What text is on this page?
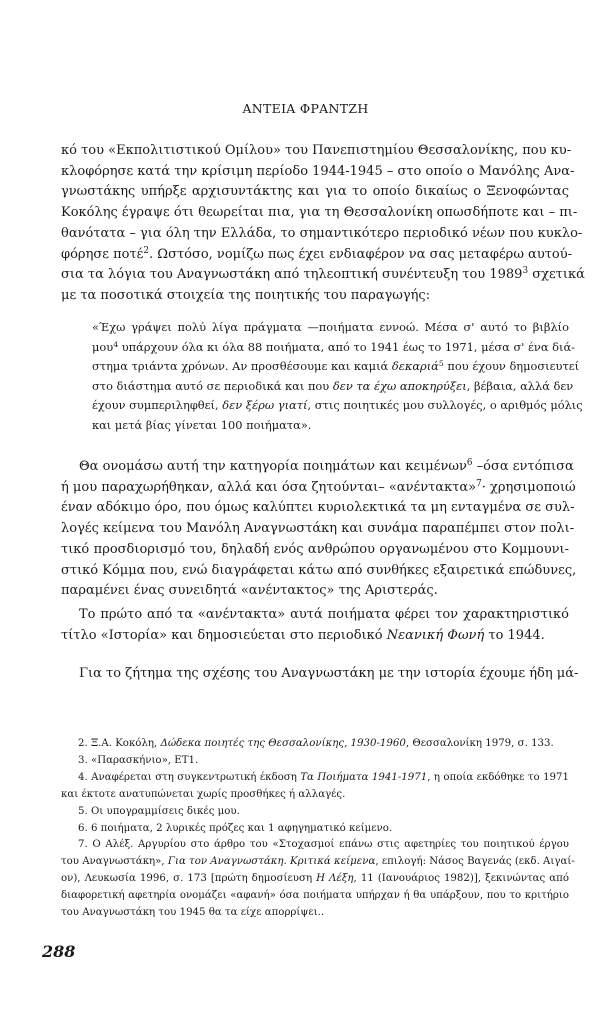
ΑΝΤΕΙΑ ΦΡΑΝΤΖΗ
κό του «Εκπολιτιστικού Ομίλου» του Πανεπιστημίου Θεσσαλονίκης, που κυ-
κλοφόρησε κατά την κρίσιμη περίοδο 1944-1945 – στο οποίο ο Μανόλης Ανα-
γνωστάκης υπήρξε αρχισυντάκτης και για το οποίο δικαίως ο Ξενοφώντας
Κοκόλης έγραψε ότι θεωρείται πια, για τη Θεσσαλονίκη οπωσδήποτε και – πι-
θανότατα – για όλη την Ελλάδα, το σημαντικότερο περιοδικό νέων που κυκλο-
φόρησε ποτέ$^2$. Ωστόσο, νομίζω πως έχει ενδιαφέρον να σας μεταφέρω αυτού-
σια τα λόγια του Αναγνωστάκη από τηλεοπτική συνέντευξη του 1989$^3$ σχετικά
με τα ποσοτικά στοιχεία της ποιητικής του παραγωγής:
«Έχω γράψει πολύ λίγα πράγματα —ποιήματα εννοώ. Μέσα σ' αυτό το βιβλίο
μου$^4$ υπάρχουν όλα κι όλα 88 ποιήματα, από το 1941 έως το 1971, μέσα σ' ένα διά-
στημα τριάντα χρόνων. Αν προσθέσουμε και καμιά δεκαριά$^5$ που έχουν δημοσιευτεί
στο διάστημα αυτό σε περιοδικά και που δεν τα έχω αποκηρύξει, βέβαια, αλλά δεν
έχουν συμπεριληφθεί, δεν ξέρω γιατί, στις ποιητικές μου συλλογές, ο αριθμός μόλις
και μετά βίας γίνεται 100 ποιήματα».
Θα ονομάσω αυτή την κατηγορία ποιημάτων και κειμένων$^6$ –όσα εντόπισα
ή μου παραχωρήθηκαν, αλλά και όσα ζητούνται– «ανέντακτα»$^7$· χρησιμοποιώ
έναν αδόκιμο όρο, που όμως καλύπτει κυριολεκτικά τα μη ενταγμένα σε συλ-
λογές κείμενα του Μανόλη Αναγνωστάκη και συνάμα παραπέμπει στον πολι-
τικό προσδιορισμό του, δηλαδή ενός ανθρώπου οργανωμένου στο Κομμουνι-
στικό Κόμμα που, ενώ διαγράφεται κάτω από συνθήκες εξαιρετικά επώδυνες,
παραμένει ένας συνειδητά «ανέντακτος» της Αριστεράς.
Το πρώτο από τα «ανέντακτα» αυτά ποιήματα φέρει τον χαρακτηριστικό
τίτλο «Ιστορία» και δημοσιεύεται στο περιοδικό Νεανική Φωνή το 1944.
Για το ζήτημα της σχέσης του Αναγνωστάκη με την ιστορία έχουμε ήδη μά-
2. Ξ.Α. Κοκόλη, Δώδεκα ποιητές της Θεσσαλονίκης, 1930-1960, Θεσσαλονίκη 1979, σ. 133.
3. «Παρασκήνιο», ΕΤ1.
4. Αναφέρεται στη συγκεντρωτική έκδοση Τα Ποιήματα 1941-1971, η οποία εκδόθηκε το 1971
και έκτοτε ανατυπώνεται χωρίς προσθήκες ή αλλαγές.
5. Οι υπογραμμίσεις δικές μου.
6. 6 ποιήματα, 2 λυρικές πρόζες και 1 αφηγηματικό κείμενο.
7. Ο Αλέξ. Αργυρίου στο άρθρο του «Στοχασμοί επάνω στις αφετηρίες του ποιητικού έργου
του Αναγνωστάκη», Για τον Αναγνωστάκη. Κριτικά κείμενα, επιλογή: Νάσος Βαγενάς (εκδ. Αιγαί-
ον), Λευκωσία 1996, σ. 173 [πρώτη δημοσίευση Η Λέξη, 11 (Ιανουάριος 1982)], ξεκινώντας από
διαφορετική αφετηρία ονομάζει «αφανή» όσα ποιήματα υπήρχαν ή θα υπάρξουν, που το κριτήριο
του Αναγνωστάκη του 1945 θα τα είχε απορρίψει..
288
